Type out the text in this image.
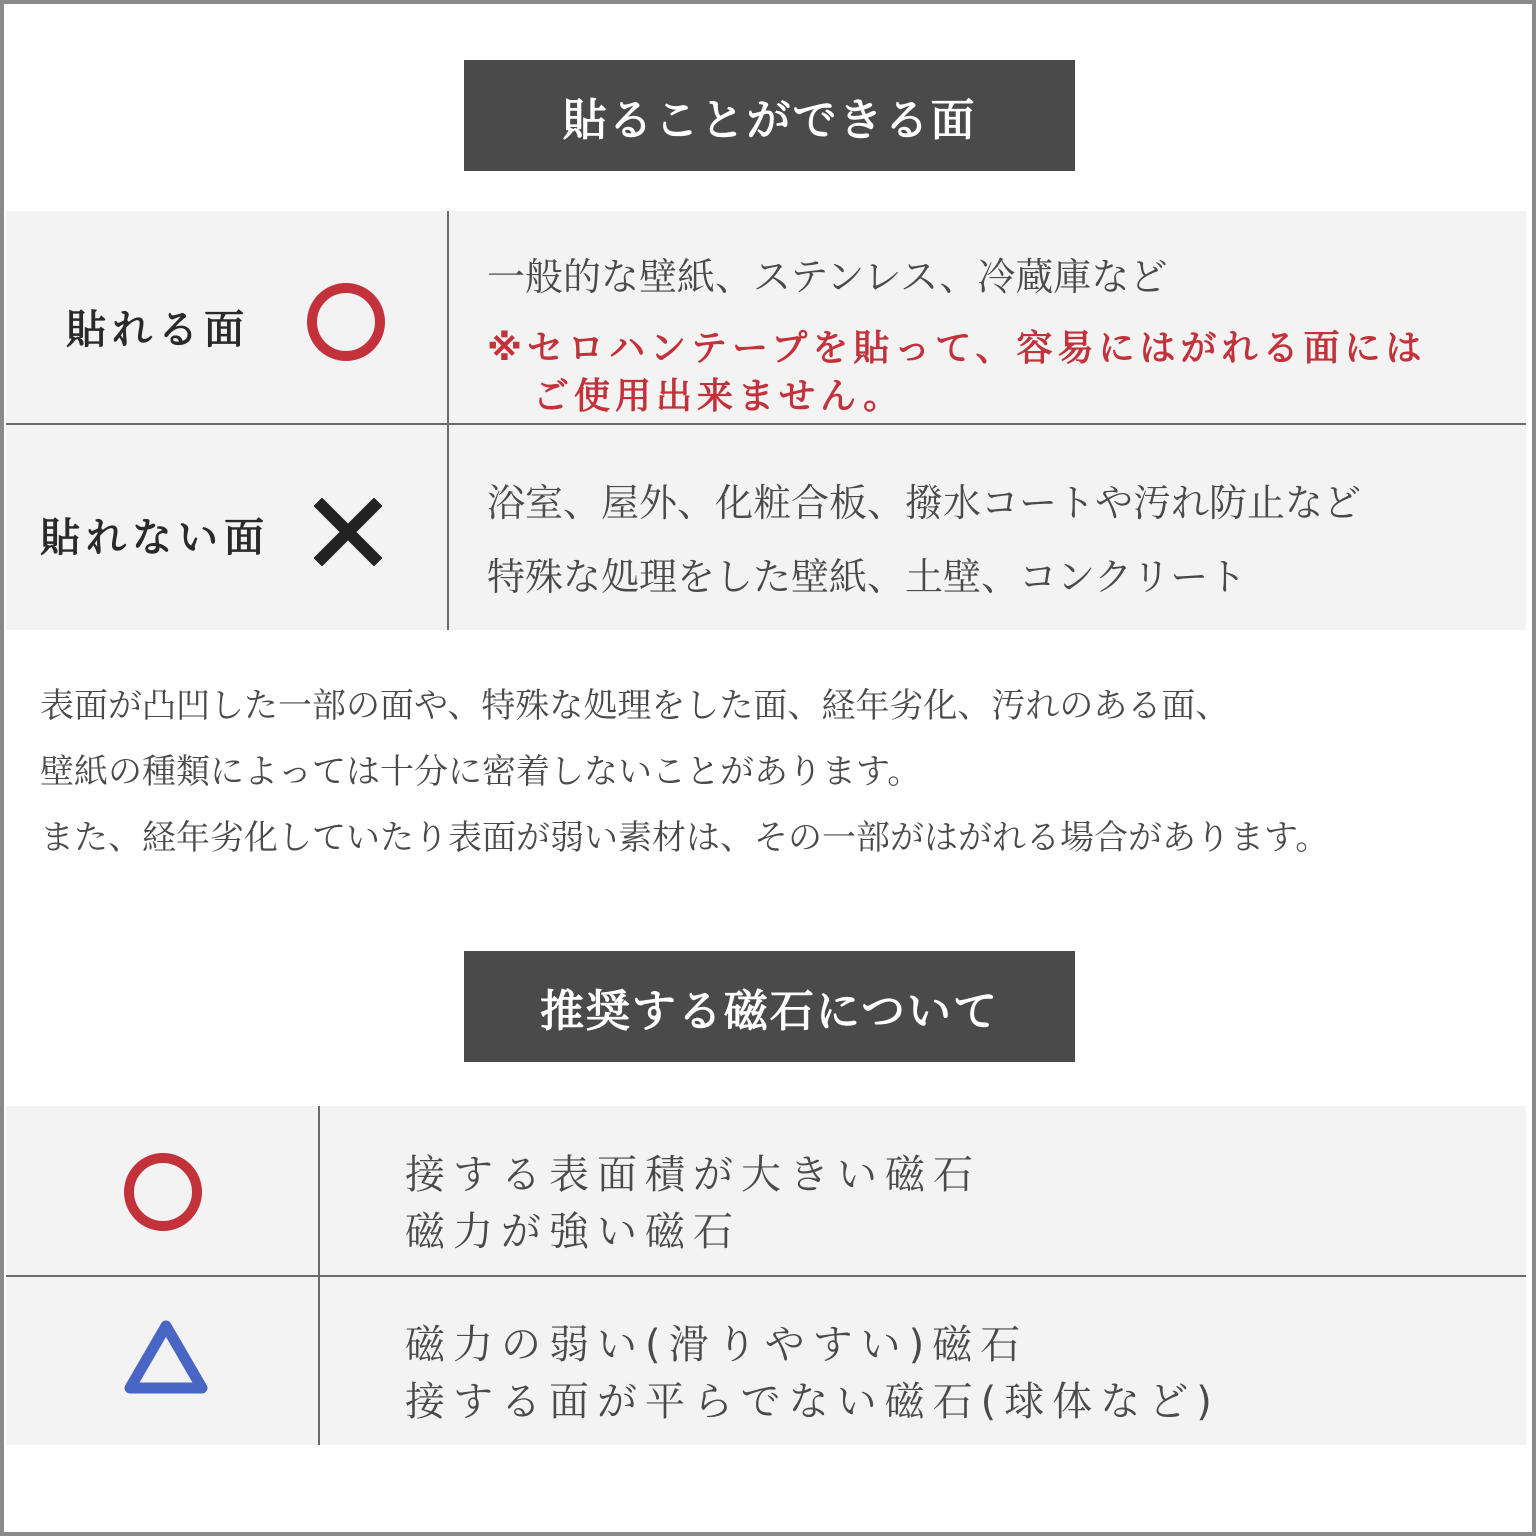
貼ることができる面
貼れる面
一般的な壁紙、ステンレス、冷蔵庫など
※セロハンテープを貼って、容易にはがれる面には
ご使用出来ません。
貼れない面
浴室、屋外、化粧合板、撥水コートや汚れ防止など
特殊な処理をした壁紙、土壁、コンクリート
表面が凸凹した一部の面や、特殊な処理をした面、経年劣化、汚れのある面、
壁紙の種類によっては十分に密着しないことがあります。
また、経年劣化していたり表面が弱い素材は、その一部がはがれる場合があります。
推奨する磁石について
接する表面積が大きい磁石
磁力が強い磁石
磁力の弱い(滑りやすい)磁石
接する面が平らでない磁石(球体など)
